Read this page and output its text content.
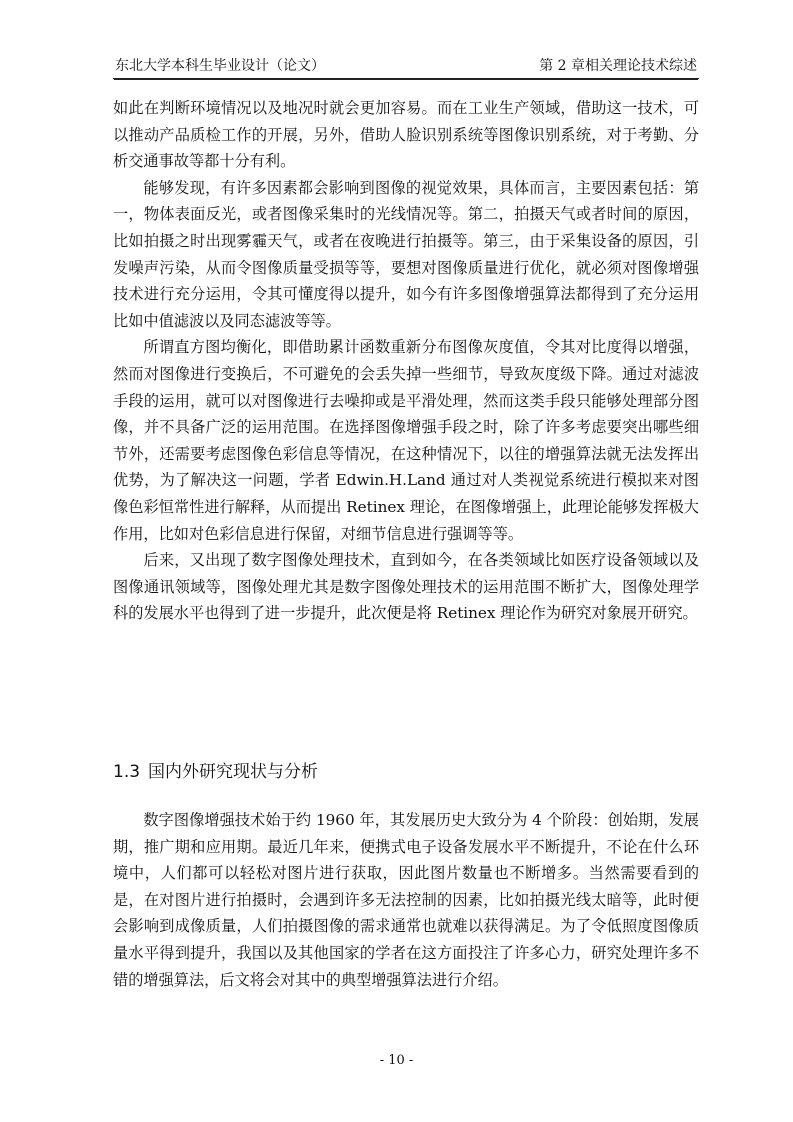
东北大学本科生毕业设计（论文）	第 2 章相关理论技术综述

如此在判断环境情况以及地况时就会更加容易。而在工业生产领域，借助这一技术，可以推动产品质检工作的开展，另外，借助人脸识别系统等图像识别系统，对于考勤、分析交通事故等都十分有利。

能够发现，有许多因素都会影响到图像的视觉效果，具体而言，主要因素包括：第一，物体表面反光，或者图像采集时的光线情况等。第二，拍摄天气或者时间的原因，比如拍摄之时出现雾霾天气，或者在夜晚进行拍摄等。第三，由于采集设备的原因，引发噪声污染，从而令图像质量受损等等，要想对图像质量进行优化，就必须对图像增强技术进行充分运用，令其可懂度得以提升，如今有许多图像增强算法都得到了充分运用比如中值滤波以及同态滤波等等。

所谓直方图均衡化，即借助累计函数重新分布图像灰度值，令其对比度得以增强，然而对图像进行变换后，不可避免的会丢失掉一些细节，导致灰度级下降。通过对滤波手段的运用，就可以对图像进行去噪抑或是平滑处理，然而这类手段只能够处理部分图像，并不具备广泛的运用范围。在选择图像增强手段之时，除了许多考虑要突出哪些细节外，还需要考虑图像色彩信息等情况，在这种情况下，以往的增强算法就无法发挥出优势，为了解决这一问题，学者 Edwin.H.Land 通过对人类视觉系统进行模拟来对图像色彩恒常性进行解释，从而提出 Retinex 理论，在图像增强上，此理论能够发挥极大作用，比如对色彩信息进行保留，对细节信息进行强调等等。

后来，又出现了数字图像处理技术，直到如今，在各类领域比如医疗设备领域以及图像通讯领域等，图像处理尤其是数字图像处理技术的运用范围不断扩大，图像处理学科的发展水平也得到了进一步提升，此次便是将 Retinex 理论作为研究对象展开研究。

1.3 国内外研究现状与分析

数字图像增强技术始于约 1960 年，其发展历史大致分为 4 个阶段：创始期，发展期，推广期和应用期。最近几年来，便携式电子设备发展水平不断提升，不论在什么环境中，人们都可以轻松对图片进行获取，因此图片数量也不断增多。当然需要看到的是，在对图片进行拍摄时，会遇到许多无法控制的因素，比如拍摄光线太暗等，此时便会影响到成像质量，人们拍摄图像的需求通常也就难以获得满足。为了令低照度图像质量水平得到提升，我国以及其他国家的学者在这方面投注了许多心力，研究处理许多不错的增强算法，后文将会对其中的典型增强算法进行介绍。

- 10 -
